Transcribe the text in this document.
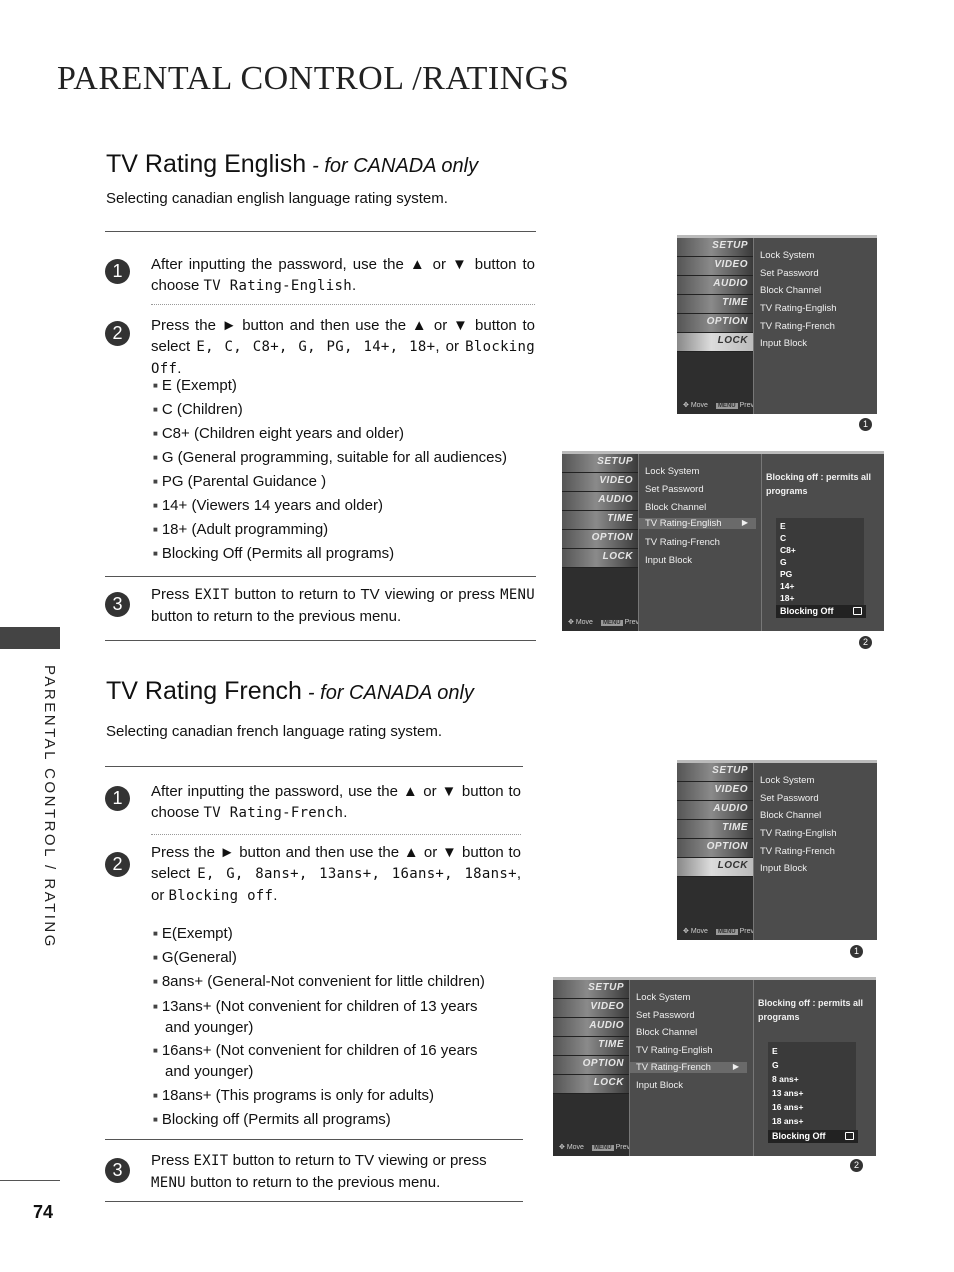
PARENTAL CONTROL /RATINGS
PARENTAL CONTROL / RATING
74
TV Rating English - for CANADA only
Selecting canadian english language rating system.
1	After inputting the password, use the ▲ or ▼ button to choose TV Rating-English.
2	Press the ► button and then use the ▲ or ▼ button to select E, C, C8+, G, PG, 14+, 18+, or Blocking Off.
■ E (Exempt)
■ C (Children)
■ C8+ (Children eight years and older)
■ G (General programming, suitable for all audiences)
■ PG (Parental Guidance )
■ 14+ (Viewers 14 years and older)
■ 18+ (Adult programming)
■ Blocking Off (Permits all programs)
3	Press EXIT button to return to TV viewing or press MENU button to return to the previous menu.
TV Rating French - for CANADA only
Selecting canadian french language rating system.
1	After inputting the password, use the ▲ or ▼ button to choose TV Rating-French.
2
Press the ► button and then use the ▲ or ▼ button to select E, G, 8ans+, 13ans+, 16ans+, 18ans+, or Blocking off.
■ E(Exempt)
■ G(General)
■ 8ans+ (General-Not convenient for little children)
■ 13ans+ (Not convenient for children of 13 years and younger)
■ 16ans+ (Not convenient for children of 16 years and younger)
■ 18ans+ (This programs is only for adults)
■ Blocking off (Permits all programs)
3	Press EXIT button to return to TV viewing or press MENU button to return to the previous menu.
SETUP
VIDEO
AUDIO
TIME
OPTION
LOCK
✥ Move MENU Prev
Lock System
Set Password
Block Channel
TV Rating-English
TV Rating-French
Input Block
1
SETUP
VIDEO
AUDIO
TIME
OPTION
LOCK
✥ Move MENU Prev
Lock System
Set Password
Block Channel
TV Rating-English ▶
TV Rating-French
Input Block
Blocking off : permits all programs
E
C
C8+
G
PG
14+
18+
Blocking Off
2
SETUP
VIDEO
AUDIO
TIME
OPTION
LOCK
✥ Move MENU Prev
Lock System
Set Password
Block Channel
TV Rating-English
TV Rating-French
Input Block
1
SETUP
VIDEO
AUDIO
TIME
OPTION
LOCK
✥ Move MENU Prev
Lock System
Set Password
Block Channel
TV Rating-English
TV Rating-French ▶
Input Block
Blocking off : permits all programs
E
G
8 ans+
13 ans+
16 ans+
18 ans+
Blocking Off
2
